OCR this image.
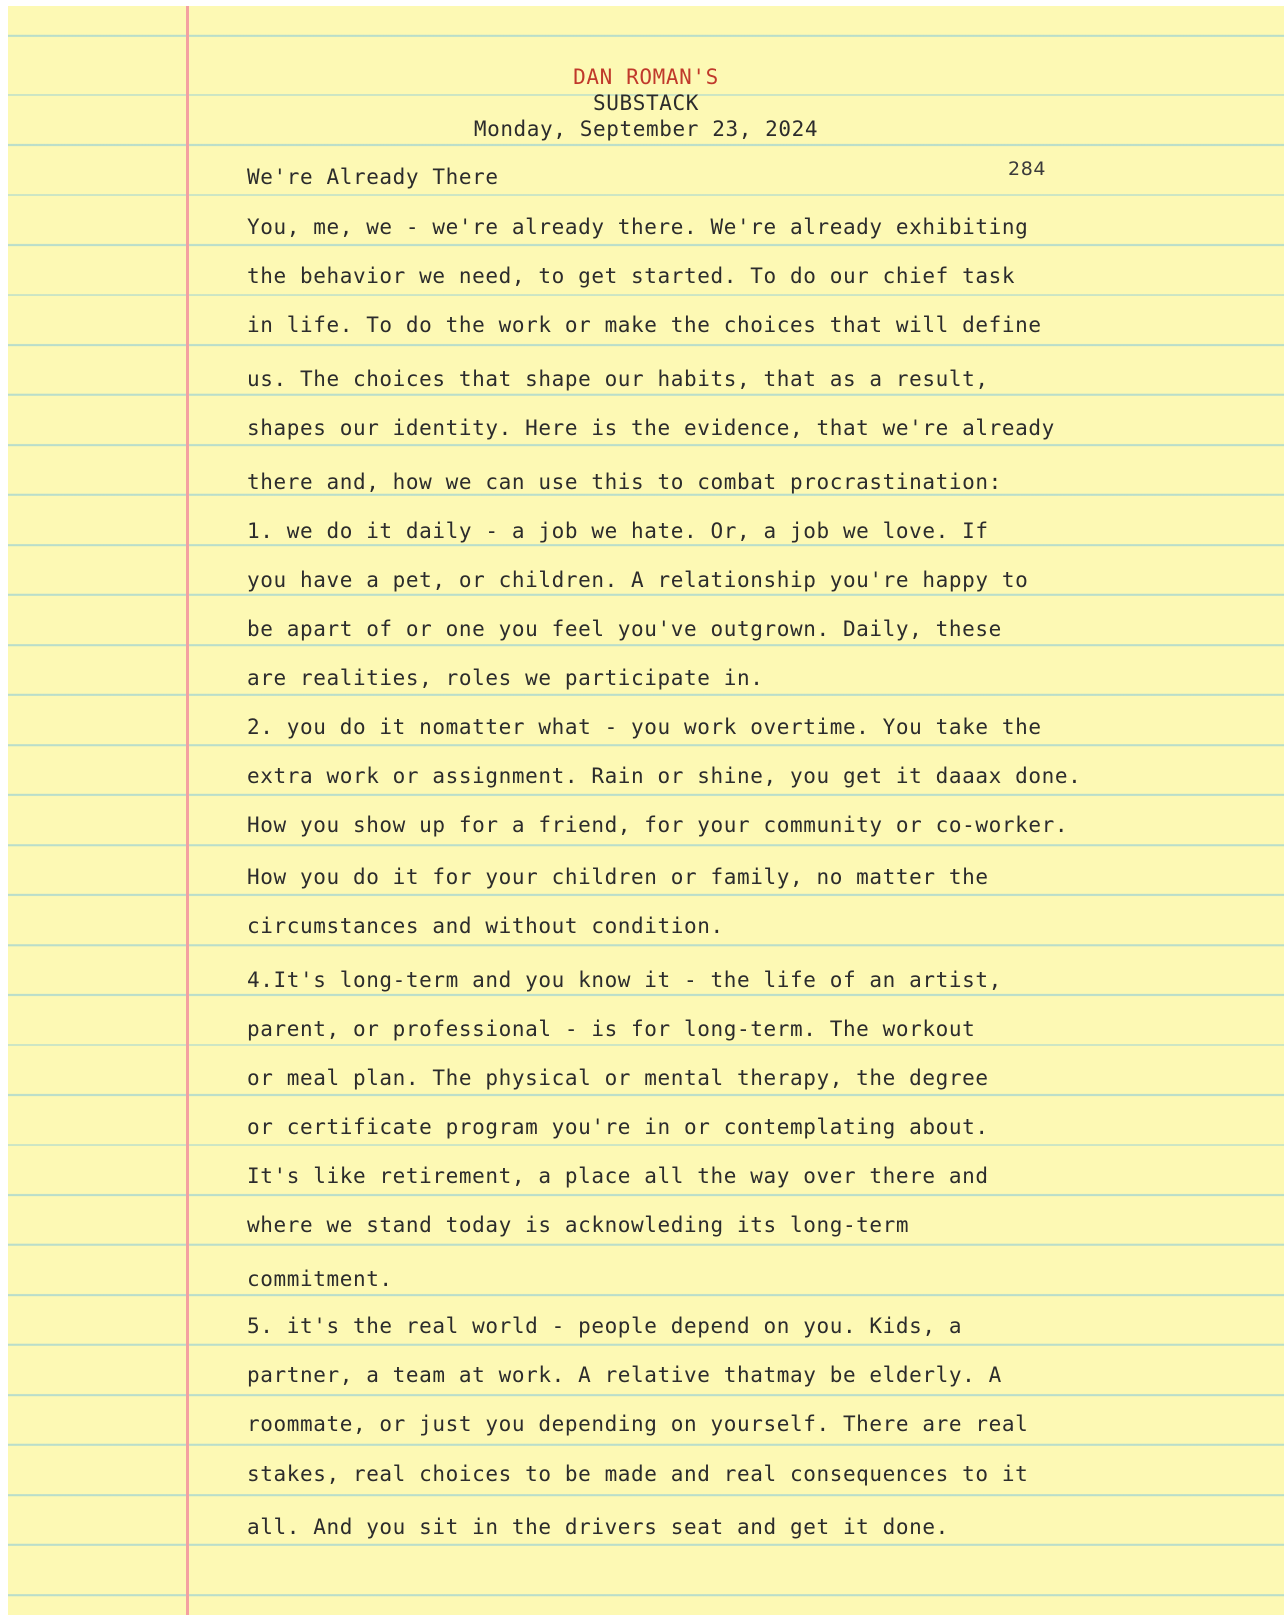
DAN ROMAN'S
SUBSTACK
Monday, September 23, 2024
We're Already There	284
You, me, we - we're already there. We're already exhibiting
the behavior we need, to get started. To do our chief task
in life. To do the work or make the choices that will define
us. The choices that shape our habits, that as a result,
shapes our identity. Here is the evidence, that we're already
there and, how we can use this to combat procrastination:
1. we do it daily - a job we hate. Or, a job we love. If
you have a pet, or children. A relationship you're happy to
be apart of or one you feel you've outgrown. Daily, these
are realities, roles we participate in.
2. you do it nomatter what - you work overtime. You take the
extra work or assignment. Rain or shine, you get it daaax done.
How you show up for a friend, for your community or co-worker.
How you do it for your children or family, no matter the
circumstances and without condition.
4.It's long-term and you know it - the life of an artist,
parent, or professional - is for long-term. The workout
or meal plan. The physical or mental therapy, the degree
or certificate program you're in or contemplating about.
It's like retirement, a place all the way over there and
where we stand today is acknowleding its long-term
commitment.
5. it's the real world - people depend on you. Kids, a
partner, a team at work. A relative thatmay be elderly. A
roommate, or just you depending on yourself. There are real
stakes, real choices to be made and real consequences to it
all. And you sit in the drivers seat and get it done.
